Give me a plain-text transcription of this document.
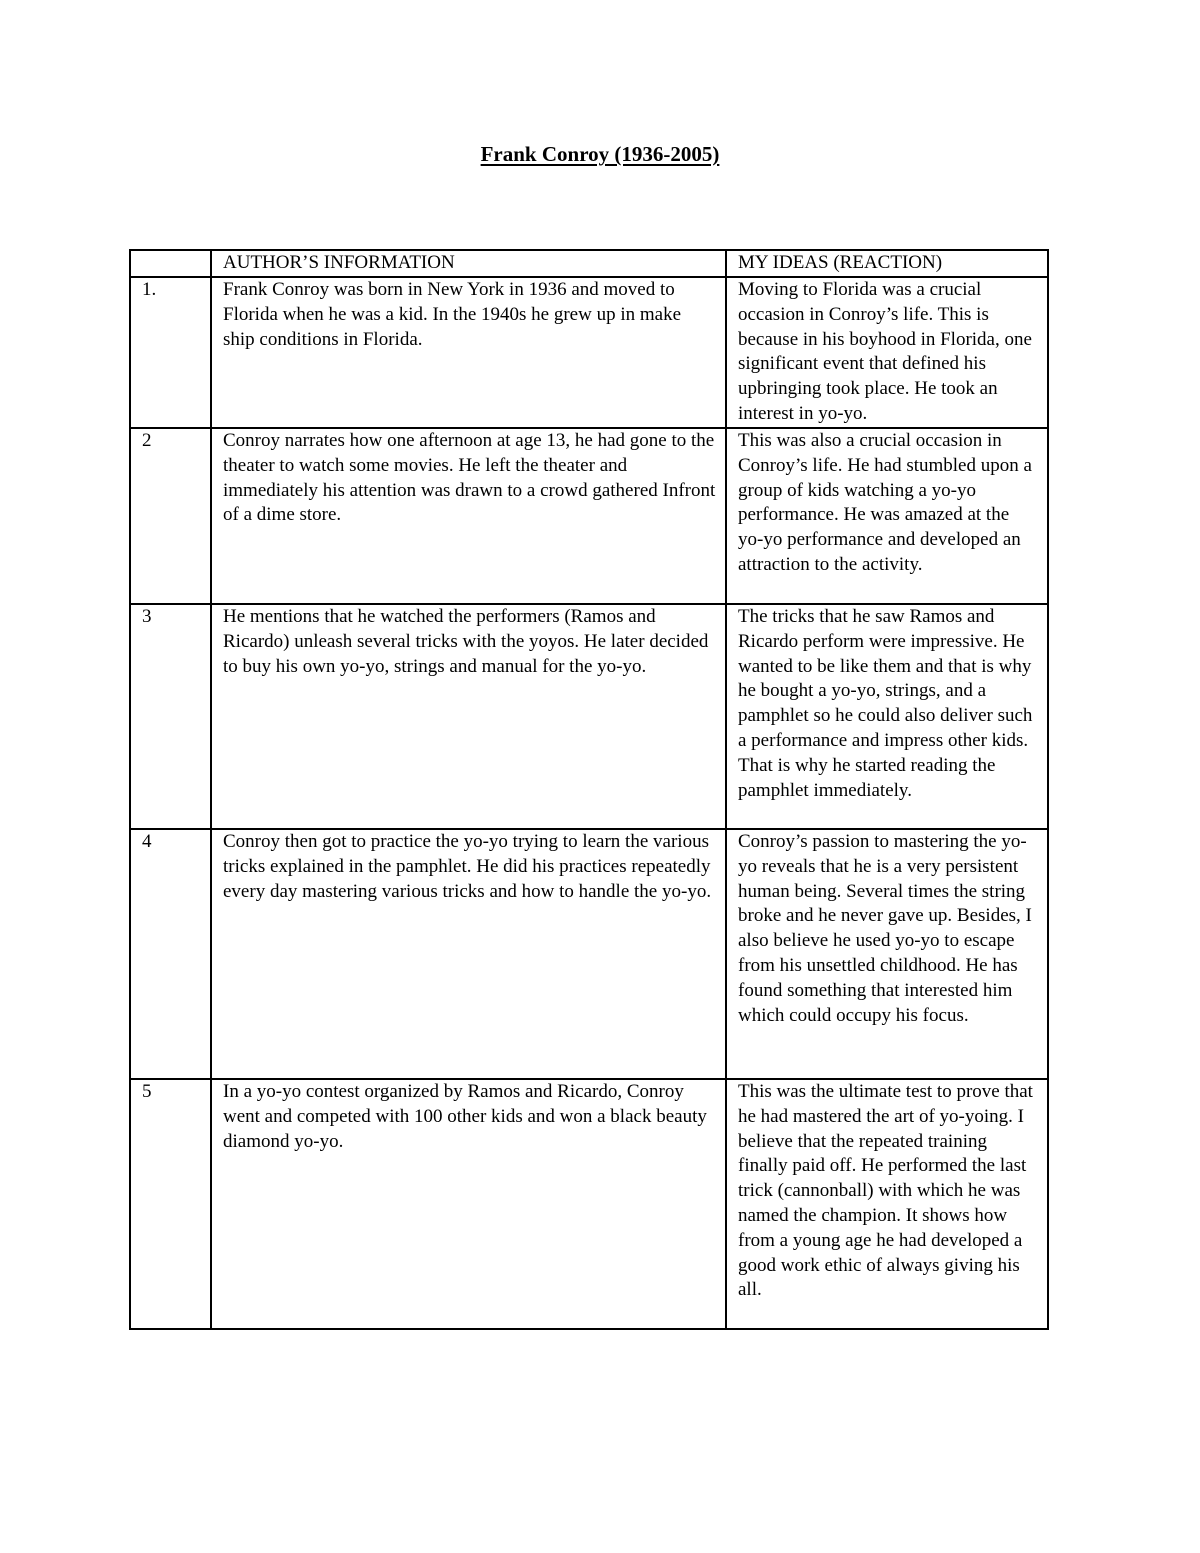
Frank Conroy (1936-2005)
	AUTHOR’S INFORMATION	MY IDEAS (REACTION)
1.	Frank Conroy was born in New York in 1936 and moved to Florida when he was a kid. In the 1940s he grew up in make ship conditions in Florida.	Moving to Florida was a crucial occasion in Conroy’s life. This is because in his boyhood in Florida, one significant event that defined his upbringing took place. He took an interest in yo-yo.
2	Conroy narrates how one afternoon at age 13, he had gone to the theater to watch some movies. He left the theater and immediately his attention was drawn to a crowd gathered Infront of a dime store.	This was also a crucial occasion in Conroy’s life. He had stumbled upon a group of kids watching a yo-yo performance. He was amazed at the yo-yo performance and developed an attraction to the activity.
3	He mentions that he watched the performers (Ramos and Ricardo) unleash several tricks with the yoyos. He later decided to buy his own yo-yo, strings and manual for the yo-yo.	The tricks that he saw Ramos and Ricardo perform were impressive. He wanted to be like them and that is why he bought a yo-yo, strings, and a pamphlet so he could also deliver such a performance and impress other kids. That is why he started reading the pamphlet immediately.
4	Conroy then got to practice the yo-yo trying to learn the various tricks explained in the pamphlet. He did his practices repeatedly every day mastering various tricks and how to handle the yo-yo.	Conroy’s passion to mastering the yo-yo reveals that he is a very persistent human being. Several times the string broke and he never gave up. Besides, I also believe he used yo-yo to escape from his unsettled childhood. He has found something that interested him which could occupy his focus.
5	In a yo-yo contest organized by Ramos and Ricardo, Conroy went and competed with 100 other kids and won a black beauty diamond yo-yo.	This was the ultimate test to prove that he had mastered the art of yo-yoing. I believe that the repeated training finally paid off. He performed the last trick (cannonball) with which he was named the champion. It shows how from a young age he had developed a good work ethic of always giving his all.
